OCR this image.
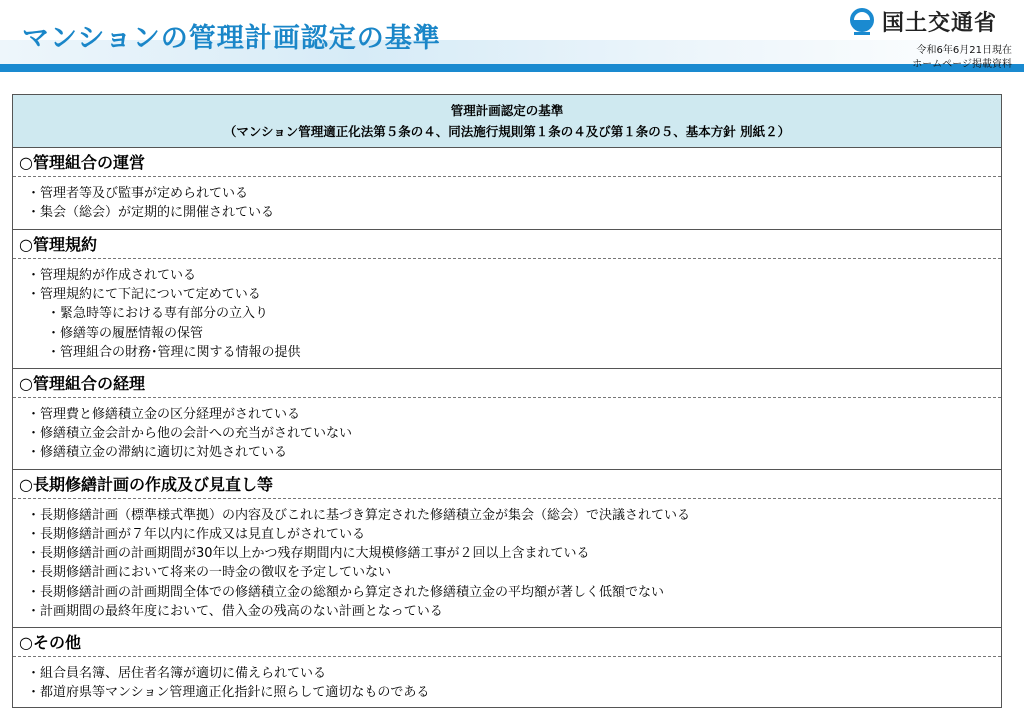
マンションの管理計画認定の基準	国土交通省
令和6年6月21日現在
ホームページ掲載資料
管理計画認定の基準
（マンション管理適正化法第５条の４、同法施行規則第１条の４及び第１条の５、基本方針 別紙２）
○管理組合の運営
・管理者等及び監事が定められている
・集会（総会）が定期的に開催されている
○管理規約
・管理規約が作成されている
・管理規約にて下記について定めている
・緊急時等における専有部分の立入り
・修繕等の履歴情報の保管
・管理組合の財務･管理に関する情報の提供
○管理組合の経理
・管理費と修繕積立金の区分経理がされている
・修繕積立金会計から他の会計への充当がされていない
・修繕積立金の滞納に適切に対処されている
○長期修繕計画の作成及び見直し等
・長期修繕計画（標準様式準拠）の内容及びこれに基づき算定された修繕積立金が集会（総会）で決議されている
・長期修繕計画が７年以内に作成又は見直しがされている
・長期修繕計画の計画期間が30年以上かつ残存期間内に大規模修繕工事が２回以上含まれている
・長期修繕計画において将来の一時金の徴収を予定していない
・長期修繕計画の計画期間全体での修繕積立金の総額から算定された修繕積立金の平均額が著しく低額でない
・計画期間の最終年度において、借入金の残高のない計画となっている
○その他
・組合員名簿、居住者名簿が適切に備えられている
・都道府県等マンション管理適正化指針に照らして適切なものである
